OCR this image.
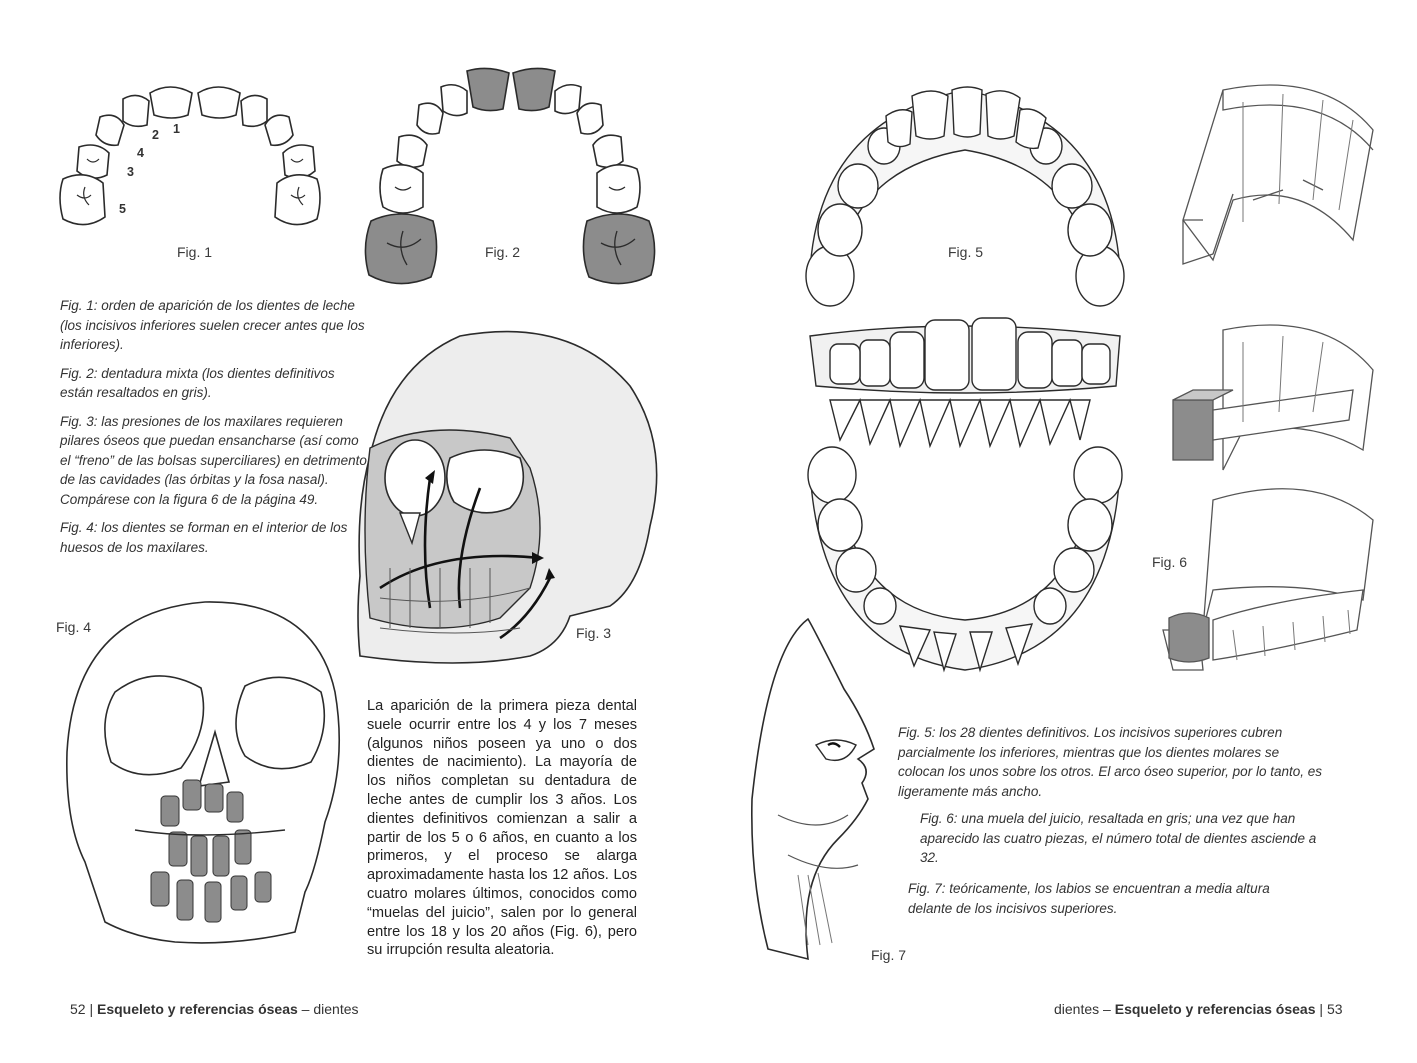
1
2
4
3
5
Fig. 1	Fig. 2

Fig. 1: orden de aparición de los dientes de leche (los incisivos inferiores suelen crecer antes que los inferiores).

Fig. 2: dentadura mixta (los dientes definitivos están resaltados en gris).

Fig. 3: las presiones de los maxilares requieren pilares óseos que puedan ensancharse (así como el “freno” de las bolsas superciliares) en detrimento de las cavidades (las órbitas y la fosa nasal). Compárese con la figura 6 de la página 49.

Fig. 4: los dientes se forman en el interior de los huesos de los maxilares.

Fig. 3
Fig. 4
La aparición de la primera pieza dental suele ocurrir entre los 4 y los 7 meses (algunos niños poseen ya uno o dos dientes de nacimiento). La mayoría de los niños completan su dentadura de leche antes de cumplir los 3 años. Los dientes definitivos comienzan a salir a partir de los 5 o 6 años, en cuanto a los primeros, y el proceso se alarga aproximadamente hasta los 12 años. Los cuatro molares últimos, conocidos como “muelas del juicio”, salen por lo general entre los 18 y los 20 años (Fig. 6), pero su irrupción resulta aleatoria.
52 | Esqueleto y referencias óseas – dientes
Fig. 5
Fig. 6
Fig. 7
Fig. 5: los 28 dientes definitivos. Los incisivos superiores cubren parcialmente los inferiores, mientras que los dientes molares se colocan los unos sobre los otros. El arco óseo superior, por lo tanto, es ligeramente más ancho.
Fig. 6: una muela del juicio, resaltada en gris; una vez que han aparecido las cuatro piezas, el número total de dientes asciende a 32.
Fig. 7: teóricamente, los labios se encuentran a media altura delante de los incisivos superiores.
dientes – Esqueleto y referencias óseas | 53
